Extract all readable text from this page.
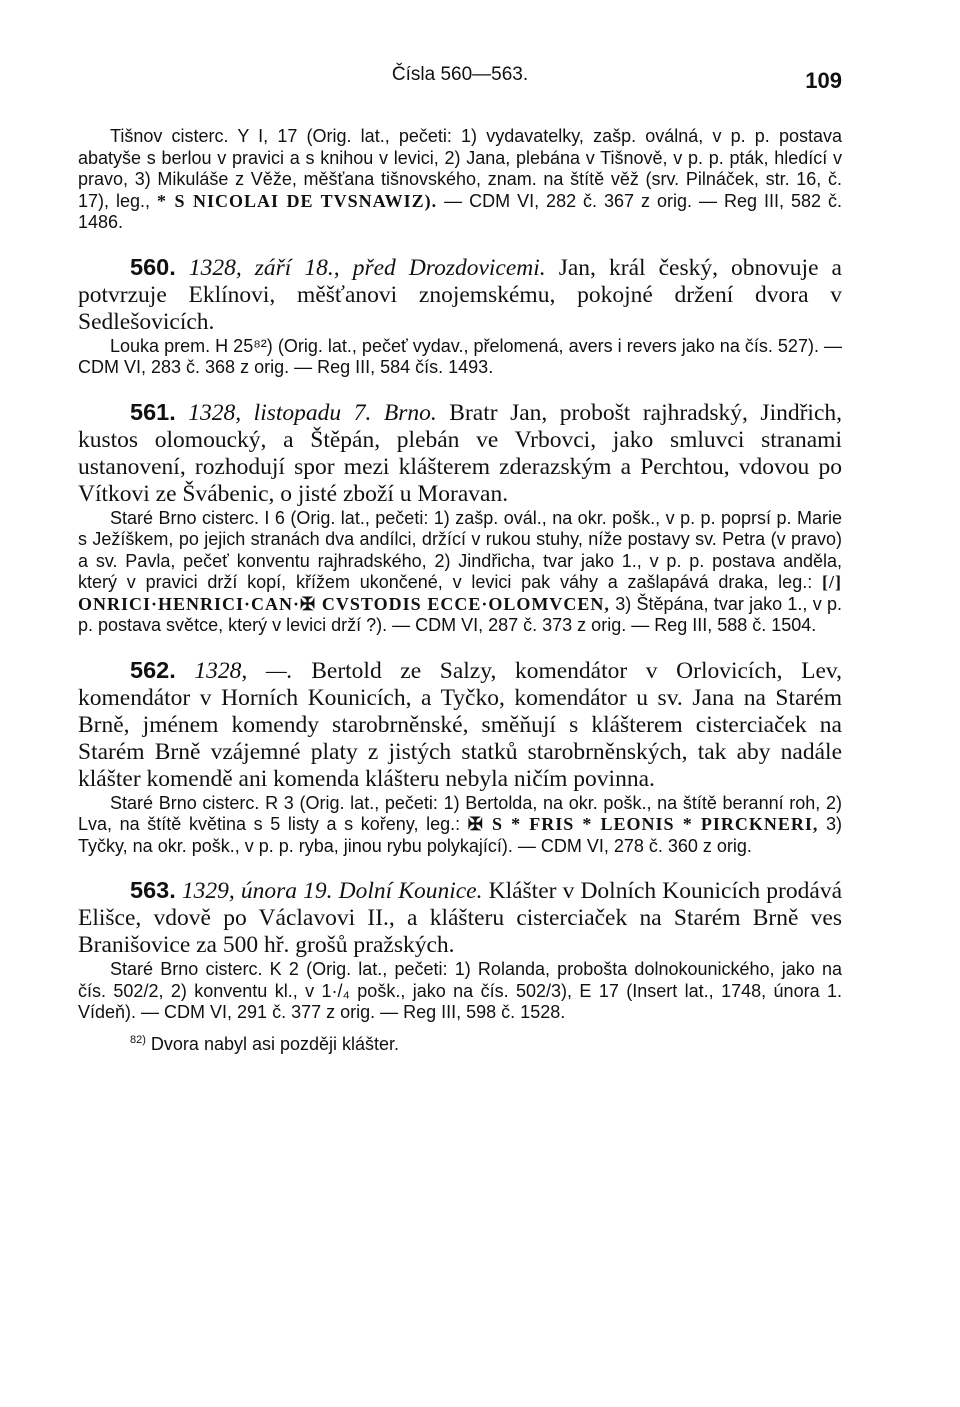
Čísla 560—563.	109

Tišnov cisterc. Y I, 17 (Orig. lat., pečeti: 1) vydavatelky, zašp. oválná, v p. p. postava abatyše s berlou v pravici a s knihou v levici, 2) Jana, plebána v Tišnově, v p. p. pták, hledící v pravo, 3) Mikuláše z Věže, měšťana tišnovského, znam. na štítě věž (srv. Pilnáček, str. 16, č. 17), leg., * S NICOLAI DE TVSNAWIZ). — CDM VI, 282 č. 367 z orig. — Reg III, 582 č. 1486.

560. 1328, září 18., před Drozdovicemi. Jan, král český, obnovuje a potvrzuje Eklínovi, měšťanovi znojemskému, pokojné držení dvora v Sedlešovicích.

Louka prem. H 25⁸²) (Orig. lat., pečeť vydav., přelomená, avers i revers jako na čís. 527). — CDM VI, 283 č. 368 z orig. — Reg III, 584 čís. 1493.

561. 1328, listopadu 7. Brno. Bratr Jan, probošt rajhradský, Jindřich, kustos olomoucký, a Štěpán, plebán ve Vrbovci, jako smluvci stranami ustanovení, rozhodují spor mezi klášterem zderazským a Perchtou, vdovou po Vítkovi ze Švábenic, o jisté zboží u Moravan.

Staré Brno cisterc. I 6 (Orig. lat., pečeti: 1) zašp. ovál., na okr. pošk., v p. p. poprsí p. Marie s Ježíškem, po jejich stranách dva andílci, držící v rukou stuhy, níže postavy sv. Petra (v pravo) a sv. Pavla, pečeť konventu rajhradského, 2) Jindřicha, tvar jako 1., v p. p. postava anděla, který v pravici drží kopí, křížem ukončené, v levici pak váhy a zašlapává draka, leg.: [/] ONRICI·HENRICI·CAN·✠ CVSTODIS ECCE·OLOMVCEN, 3) Štěpána, tvar jako 1., v p. p. postava světce, který v levici drží ?). — CDM VI, 287 č. 373 z orig. — Reg III, 588 č. 1504.

562. 1328, —. Bertold ze Salzy, komendátor v Orlovicích, Lev, komendátor v Horních Kounicích, a Tyčko, komendátor u sv. Jana na Starém Brně, jménem komendy starobrněnské, směňují s klášterem cisterciaček na Starém Brně vzájemné platy z jistých statků starobrněnských, tak aby nadále klášter komendě ani komenda klášteru nebyla ničím povinna.

Staré Brno cisterc. R 3 (Orig. lat., pečeti: 1) Bertolda, na okr. pošk., na štítě beranní roh, 2) Lva, na štítě květina s 5 listy a s kořeny, leg.: ✠ S * FRIS * LEONIS * PIRCKNERI, 3) Tyčky, na okr. pošk., v p. p. ryba, jinou rybu polykající). — CDM VI, 278 č. 360 z orig.

563. 1329, února 19. Dolní Kounice. Klášter v Dolních Kounicích prodává Elišce, vdově po Václavovi II., a klášteru cisterciaček na Starém Brně ves Branišovice za 500 hř. grošů pražských.

Staré Brno cisterc. K 2 (Orig. lat., pečeti: 1) Rolanda, probošta dolnokounického, jako na čís. 502/2, 2) konventu kl., v 1·/₄ pošk., jako na čís. 502/3), E 17 (Insert lat., 1748, února 1. Vídeň). — CDM VI, 291 č. 377 z orig. — Reg III, 598 č. 1528.

$^{82)}$ Dvora nabyl asi později klášter.
